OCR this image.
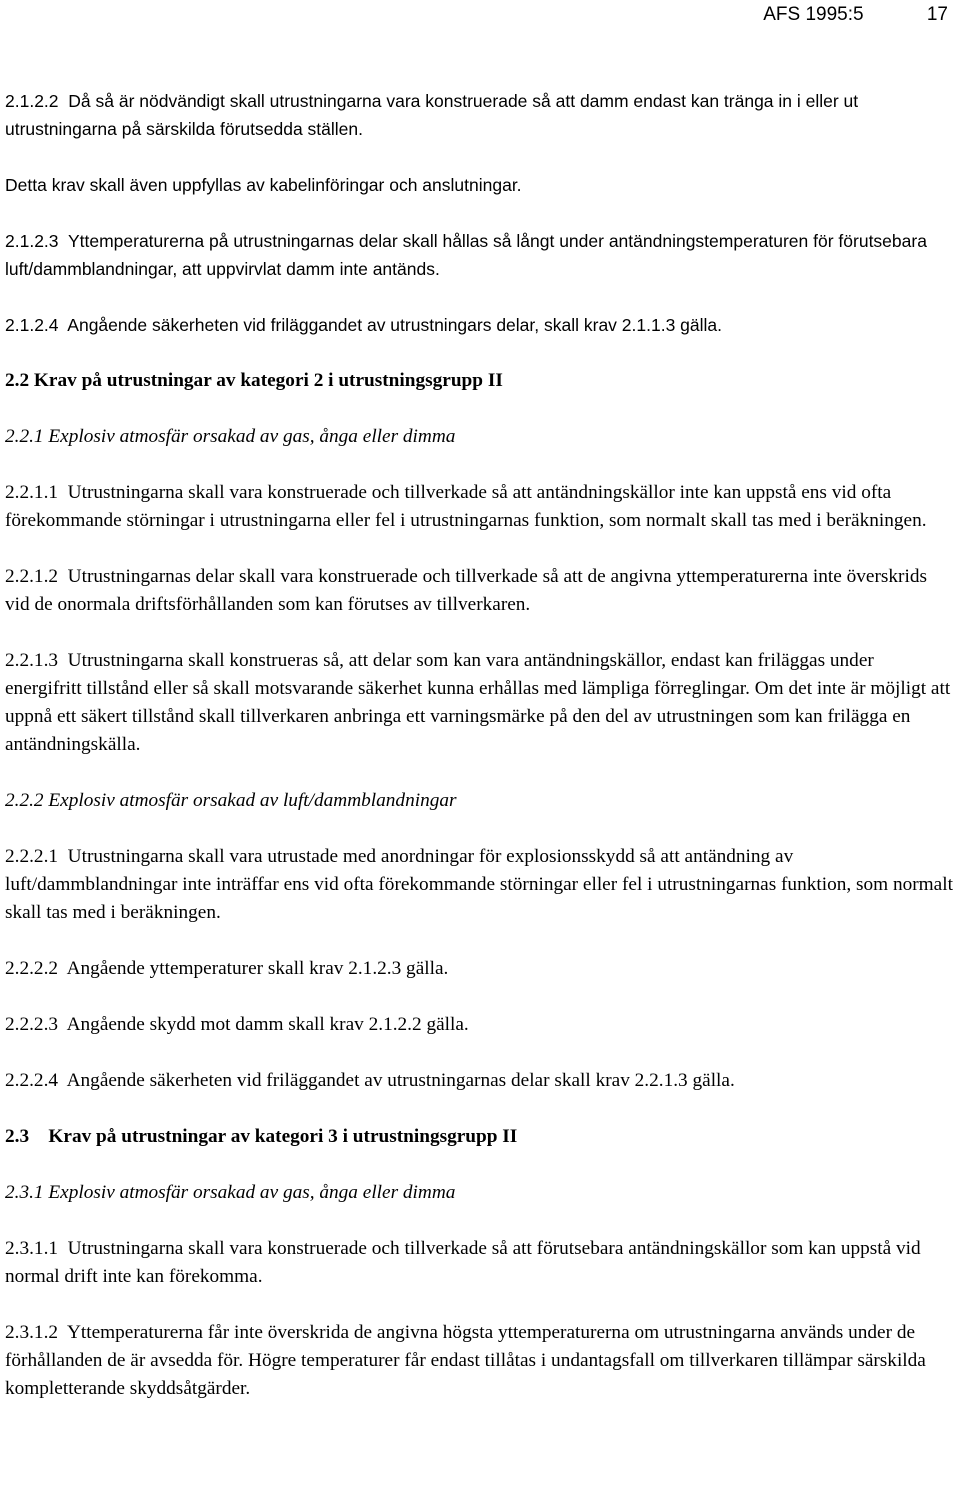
AFS 1995:5	17

2.1.2.2 Då så är nödvändigt skall utrustningarna vara konstruerade så att damm endast kan tränga in i eller ut utrustningarna på särskilda förutsedda ställen.

Detta krav skall även uppfyllas av kabelinföringar och anslutningar.

2.1.2.3 Yttemperaturerna på utrustningarnas delar skall hållas så långt under antändningstemperaturen för förutsebara luft/dammblandningar, att uppvirvlat damm inte antänds.

2.1.2.4 Angående säkerheten vid friläggandet av utrustningars delar, skall krav 2.1.1.3 gälla.

2.2 Krav på utrustningar av kategori 2 i utrustningsgrupp II

2.2.1 Explosiv atmosfär orsakad av gas, ånga eller dimma

2.2.1.1 Utrustningarna skall vara konstruerade och tillverkade så att antändningskällor inte kan uppstå ens vid ofta förekommande störningar i utrustningarna eller fel i utrustningarnas funktion, som normalt skall tas med i beräkningen.

2.2.1.2 Utrustningarnas delar skall vara konstruerade och tillverkade så att de angivna yttemperaturerna inte överskrids vid de onormala driftsförhållanden som kan förutses av tillverkaren.

2.2.1.3 Utrustningarna skall konstrueras så, att delar som kan vara antändningskällor, endast kan friläggas under energifritt tillstånd eller så skall motsvarande säkerhet kunna erhållas med lämpliga förreglingar. Om det inte är möjligt att uppnå ett säkert tillstånd skall tillverkaren anbringa ett varningsmärke på den del av utrustningen som kan frilägga en antändningskälla.

2.2.2 Explosiv atmosfär orsakad av luft/dammblandningar

2.2.2.1 Utrustningarna skall vara utrustade med anordningar för explosionsskydd så att antändning av luft/dammblandningar inte inträffar ens vid ofta förekommande störningar eller fel i utrustningarnas funktion, som normalt skall tas med i beräkningen.

2.2.2.2 Angående yttemperaturer skall krav 2.1.2.3 gälla.

2.2.2.3 Angående skydd mot damm skall krav 2.1.2.2 gälla.

2.2.2.4 Angående säkerheten vid friläggandet av utrustningarnas delar skall krav 2.2.1.3 gälla.

2.3 Krav på utrustningar av kategori 3 i utrustningsgrupp II

2.3.1 Explosiv atmosfär orsakad av gas, ånga eller dimma

2.3.1.1 Utrustningarna skall vara konstruerade och tillverkade så att förutsebara antändningskällor som kan uppstå vid normal drift inte kan förekomma.

2.3.1.2 Yttemperaturerna får inte överskrida de angivna högsta yttemperaturerna om utrustningarna används under de förhållanden de är avsedda för. Högre temperaturer får endast tillåtas i undantagsfall om tillverkaren tillämpar särskilda kompletterande skyddsåtgärder.
